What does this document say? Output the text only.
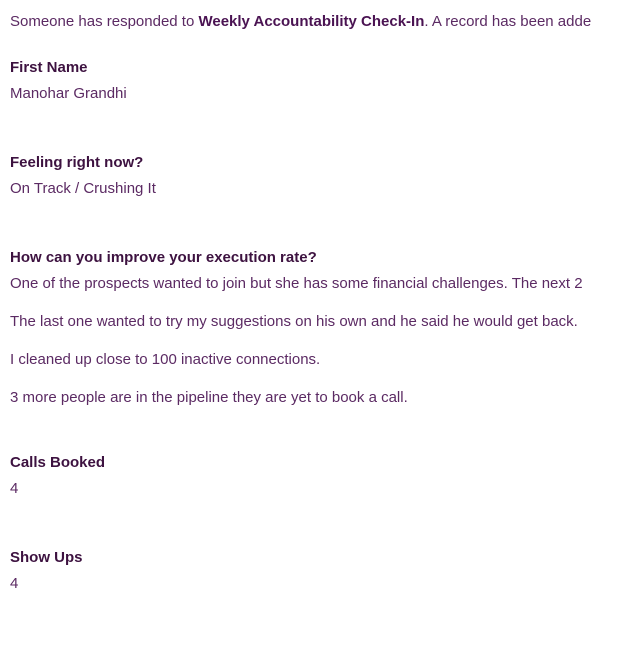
Someone has responded to Weekly Accountability Check-In. A record has been adde
First Name
Manohar Grandhi
Feeling right now?
On Track / Crushing It
How can you improve your execution rate?
One of the prospects wanted to join but she has some financial challenges. The next 2
The last one wanted to try my suggestions on his own and he said he would get back.
I cleaned up close to 100 inactive connections.
3 more people are in the pipeline they are yet to book a call.
Calls Booked
4
Show Ups
4
